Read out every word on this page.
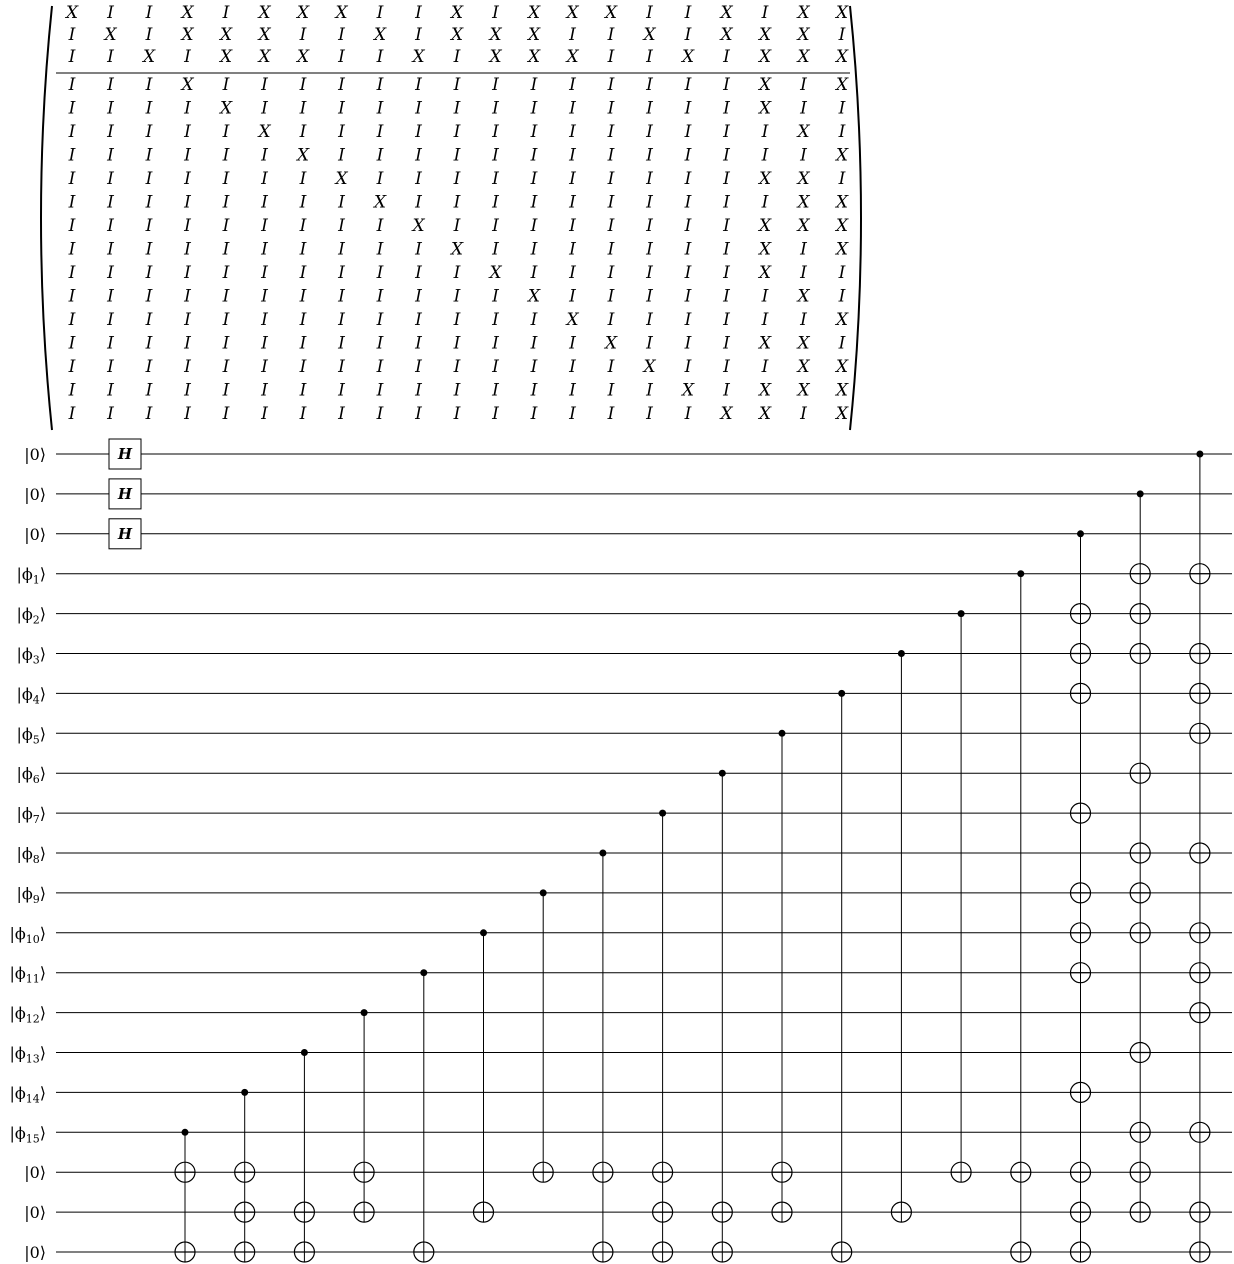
X I I X I X X X I I X I X X X I I X I X X
I X I X X X I I X I X X X I I X I X X X I
I I X I X X X I I X I X X X I I X I X X X
I I I X I I I I I I I I I I I I I I X I X
I I I I X I I I I I I I I I I I I I X I I
I I I I I X I I I I I I I I I I I I I X I
I I I I I I X I I I I I I I I I I I I I X
I I I I I I I X I I I I I I I I I I X X I
I I I I I I I I X I I I I I I I I I I X X
I I I I I I I I I X I I I I I I I I X X X
I I I I I I I I I I X I I I I I I I X I X
I I I I I I I I I I I X I I I I I I X I I
I I I I I I I I I I I I X I I I I I I X I
I I I I I I I I I I I I I X I I I I I I X
I I I I I I I I I I I I I I X I I I X X I
I I I I I I I I I I I I I I I X I I I X X
I I I I I I I I I I I I I I I I X I X X X
I I I I I I I I I I I I I I I I I X X I X
|0⟩
|0⟩
|0⟩
$|\phi_1⟩$
$|\phi_2⟩$
$|\phi_3⟩$
$|\phi_4⟩$
$|\phi_5⟩$
$|\phi_6⟩$
$|\phi_7⟩$
$|\phi_8⟩$
$|\phi_9⟩$
$|\phi_{10}⟩$
$|\phi_{11}⟩$
$|\phi_{12}⟩$
$|\phi_{13}⟩$
$|\phi_{14}⟩$
$|\phi_{15}⟩$
|0⟩
|0⟩
|0⟩
H
H
H
